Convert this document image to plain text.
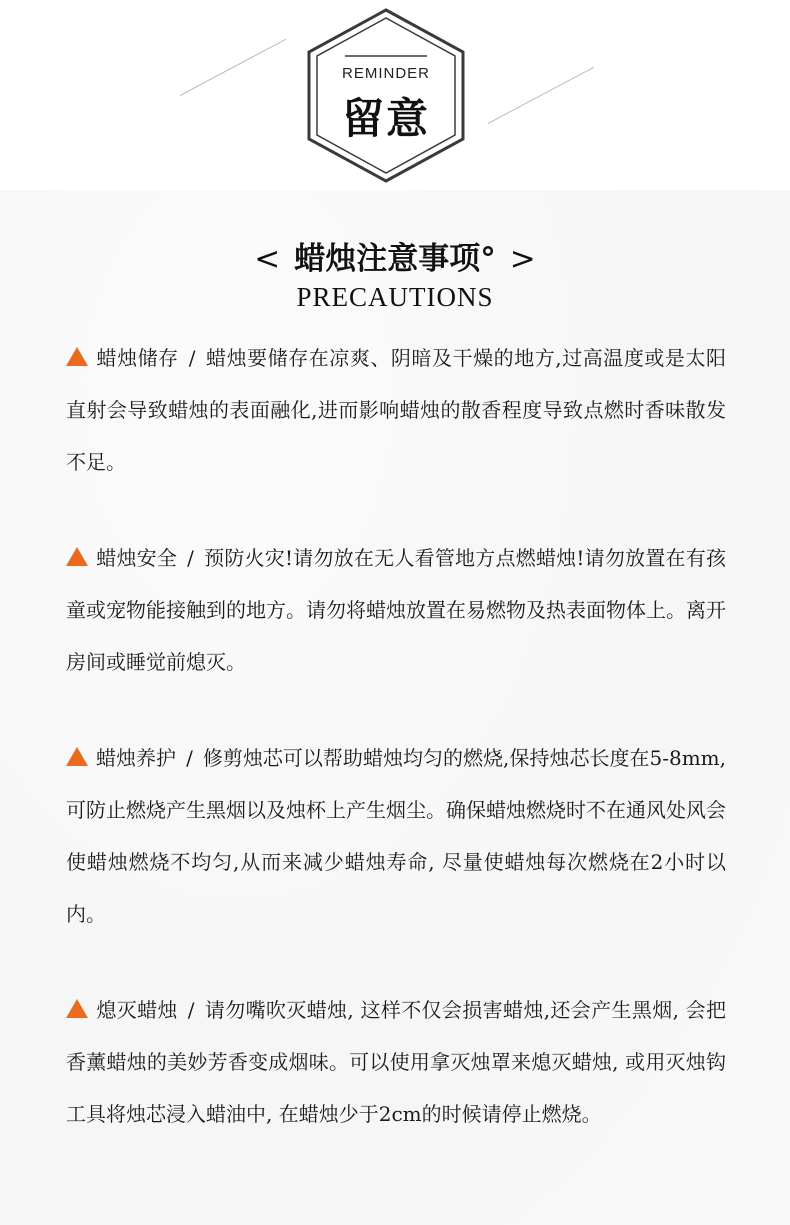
REMINDER
留意
< 蜡烛注意事项° >
PRECAUTIONS

蜡烛储存 / 蜡烛要储存在凉爽、阴暗及干燥的地方,过高温度或是太阳直射会导致蜡烛的表面融化,进而影响蜡烛的散香程度导致点燃时香味散发不足。

蜡烛安全 / 预防火灾!请勿放在无人看管地方点燃蜡烛!请勿放置在有孩童或宠物能接触到的地方。请勿将蜡烛放置在易燃物及热表面物体上。离开房间或睡觉前熄灭。

蜡烛养护 / 修剪烛芯可以帮助蜡烛均匀的燃烧,保持烛芯长度在5-8mm, 可防止燃烧产生黑烟以及烛杯上产生烟尘。确保蜡烛燃烧时不在通风处风会使蜡烛燃烧不均匀,从而来减少蜡烛寿命, 尽量使蜡烛每次燃烧在2小时以内。

熄灭蜡烛 / 请勿嘴吹灭蜡烛, 这样不仅会损害蜡烛,还会产生黑烟, 会把香薰蜡烛的美妙芳香变成烟味。可以使用拿灭烛罩来熄灭蜡烛, 或用灭烛钩工具将烛芯浸入蜡油中, 在蜡烛少于2cm的时候请停止燃烧。
